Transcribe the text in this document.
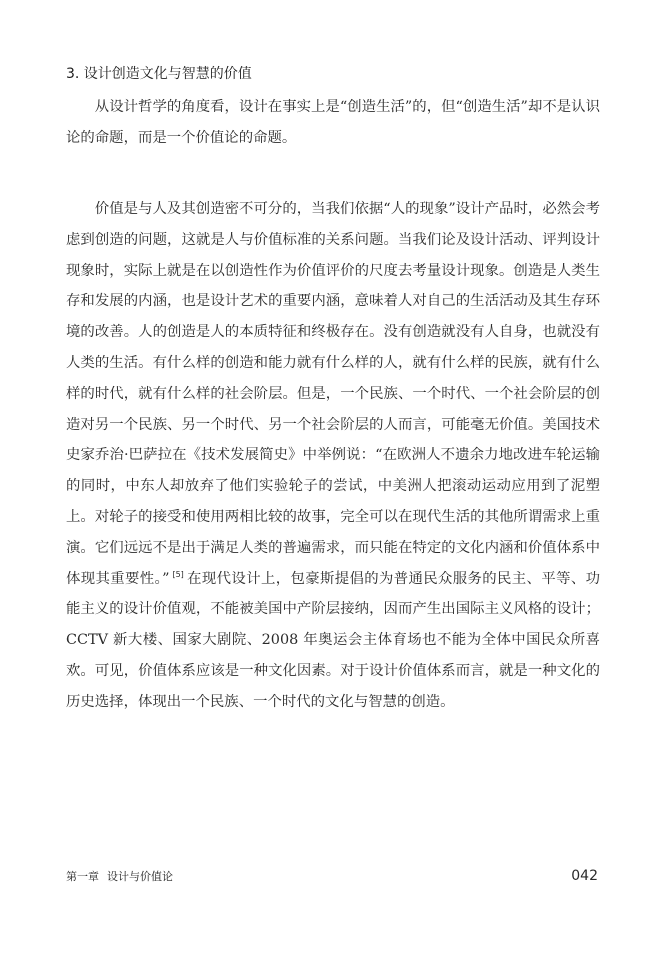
3. 设计创造文化与智慧的价值

从设计哲学的角度看，设计在事实上是“创造生活”的，但“创造生活”却不是认识论的命题，而是一个价值论的命题。

价值是与人及其创造密不可分的，当我们依据“人的现象”设计产品时，必然会考虑到创造的问题，这就是人与价值标准的关系问题。当我们论及设计活动、评判设计现象时，实际上就是在以创造性作为价值评价的尺度去考量设计现象。创造是人类生存和发展的内涵，也是设计艺术的重要内涵，意味着人对自己的生活活动及其生存环境的改善。人的创造是人的本质特征和终极存在。没有创造就没有人自身，也就没有人类的生活。有什么样的创造和能力就有什么样的人，就有什么样的民族，就有什么样的时代，就有什么样的社会阶层。但是，一个民族、一个时代、一个社会阶层的创造对另一个民族、另一个时代、另一个社会阶层的人而言，可能毫无价值。美国技术史家乔治·巴萨拉在《技术发展简史》中举例说：“在欧洲人不遗余力地改进车轮运输的同时，中东人却放弃了他们实验轮子的尝试，中美洲人把滚动运动应用到了泥塑上。对轮子的接受和使用两相比较的故事，完全可以在现代生活的其他所谓需求上重演。它们远远不是出于满足人类的普遍需求，而只能在特定的文化内涵和价值体系中体现其重要性。” [5] 在现代设计上，包豪斯提倡的为普通民众服务的民主、平等、功能主义的设计价值观，不能被美国中产阶层接纳，因而产生出国际主义风格的设计；CCTV 新大楼、国家大剧院、2008 年奥运会主体育场也不能为全体中国民众所喜欢。可见，价值体系应该是一种文化因素。对于设计价值体系而言，就是一种文化的历史选择，体现出一个民族、一个时代的文化与智慧的创造。

第一章 设计与价值论	042
